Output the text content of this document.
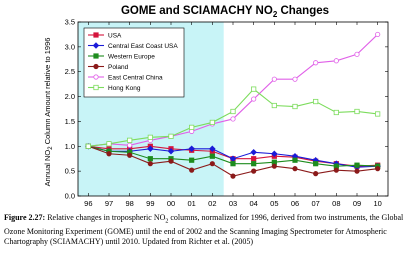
GOME and SCIAMACHY $NO_2$ Changes
0.0
0.5
1.0
1.5
2.0
2.5
3.0
3.5
96 97 98 99 00 01 02 03 04 05 06 07 08 09 10
USA
Central East Coast USA
Western Europe
Poland
East Central China
Hong Kong
Annual $NO_2$ Column Amount relative to 1996
Figure 2.27: Relative changes in tropospheric $NO_2$ columns, normalized for 1996, derived from two instruments, the Global Ozone Monitoring Experiment (GOME) until the end of 2002 and the Scanning Imaging Spectrometer for Atmospheric Chartography (SCIAMACHY) until 2010. Updated from Richter et al. (2005)
